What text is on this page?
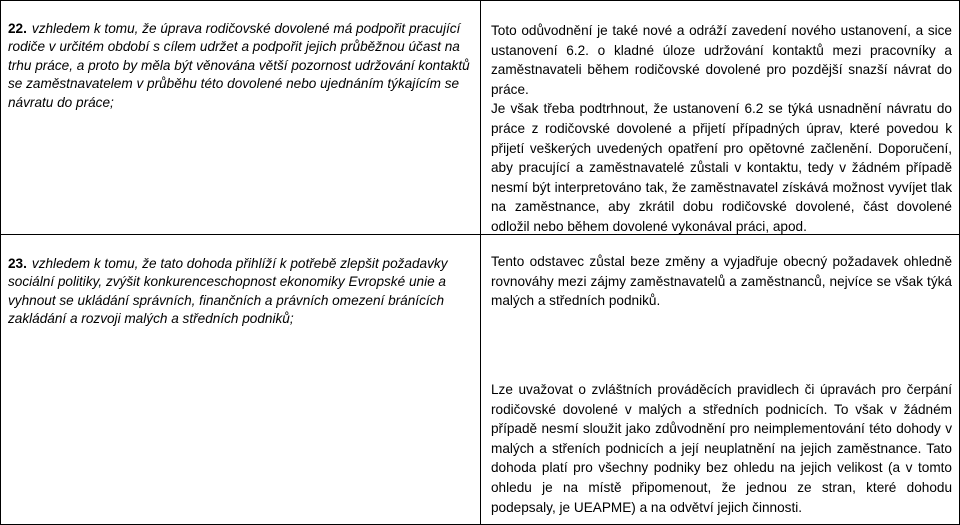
22. vzhledem k tomu, že úprava rodičovské dovolené má podpořit pracující rodiče v určitém období s cílem udržet a podpořit jejich průběžnou účast na trhu práce, a proto by měla být věnována větší pozornost udržování kontaktů se zaměstnavatelem v průběhu této dovolené nebo ujednáním týkajícím se návratu do práce;

Toto odůvodnění je také nové a odráží zavedení nového ustanovení, a sice ustanovení 6.2. o kladné úloze udržování kontaktů mezi pracovníky a zaměstnavateli během rodičovské dovolené pro pozdější snazší návrat do práce.

Je však třeba podtrhnout, že ustanovení 6.2 se týká usnadnění návratu do práce z rodičovské dovolené a přijetí případných úprav, které povedou k přijetí veškerých uvedených opatření pro opětovné začlenění. Doporučení, aby pracující a zaměstnavatelé zůstali v kontaktu, tedy v žádném případě nesmí být interpretováno tak, že zaměstnavatel získává možnost vyvíjet tlak na zaměstnance, aby zkrátil dobu rodičovské dovolené, část dovolené odložil nebo během dovolené vykonával práci, apod.

23. vzhledem k tomu, že tato dohoda přihlíží k potřebě zlepšit požadavky sociální politiky, zvýšit konkurenceschopnost ekonomiky Evropské unie a vyhnout se ukládání správních, finančních a právních omezení bránících zakládání a rozvoji malých a středních podniků;

Tento odstavec zůstal beze změny a vyjadřuje obecný požadavek ohledně rovnováhy mezi zájmy zaměstnavatelů a zaměstnanců, nejvíce se však týká malých a středních podniků.

Lze uvažovat o zvláštních prováděcích pravidlech či úpravách pro čerpání rodičovské dovolené v malých a středních podnicích. To však v žádném případě nesmí sloužit jako zdůvodnění pro neimplementování této dohody v malých a střeních podnicích a její neuplatnění na jejich zaměstnance. Tato dohoda platí pro všechny podniky bez ohledu na jejich velikost (a v tomto ohledu je na místě připomenout, že jednou ze stran, které dohodu podepsaly, je UEAPME) a na odvětví jejich činnosti.
